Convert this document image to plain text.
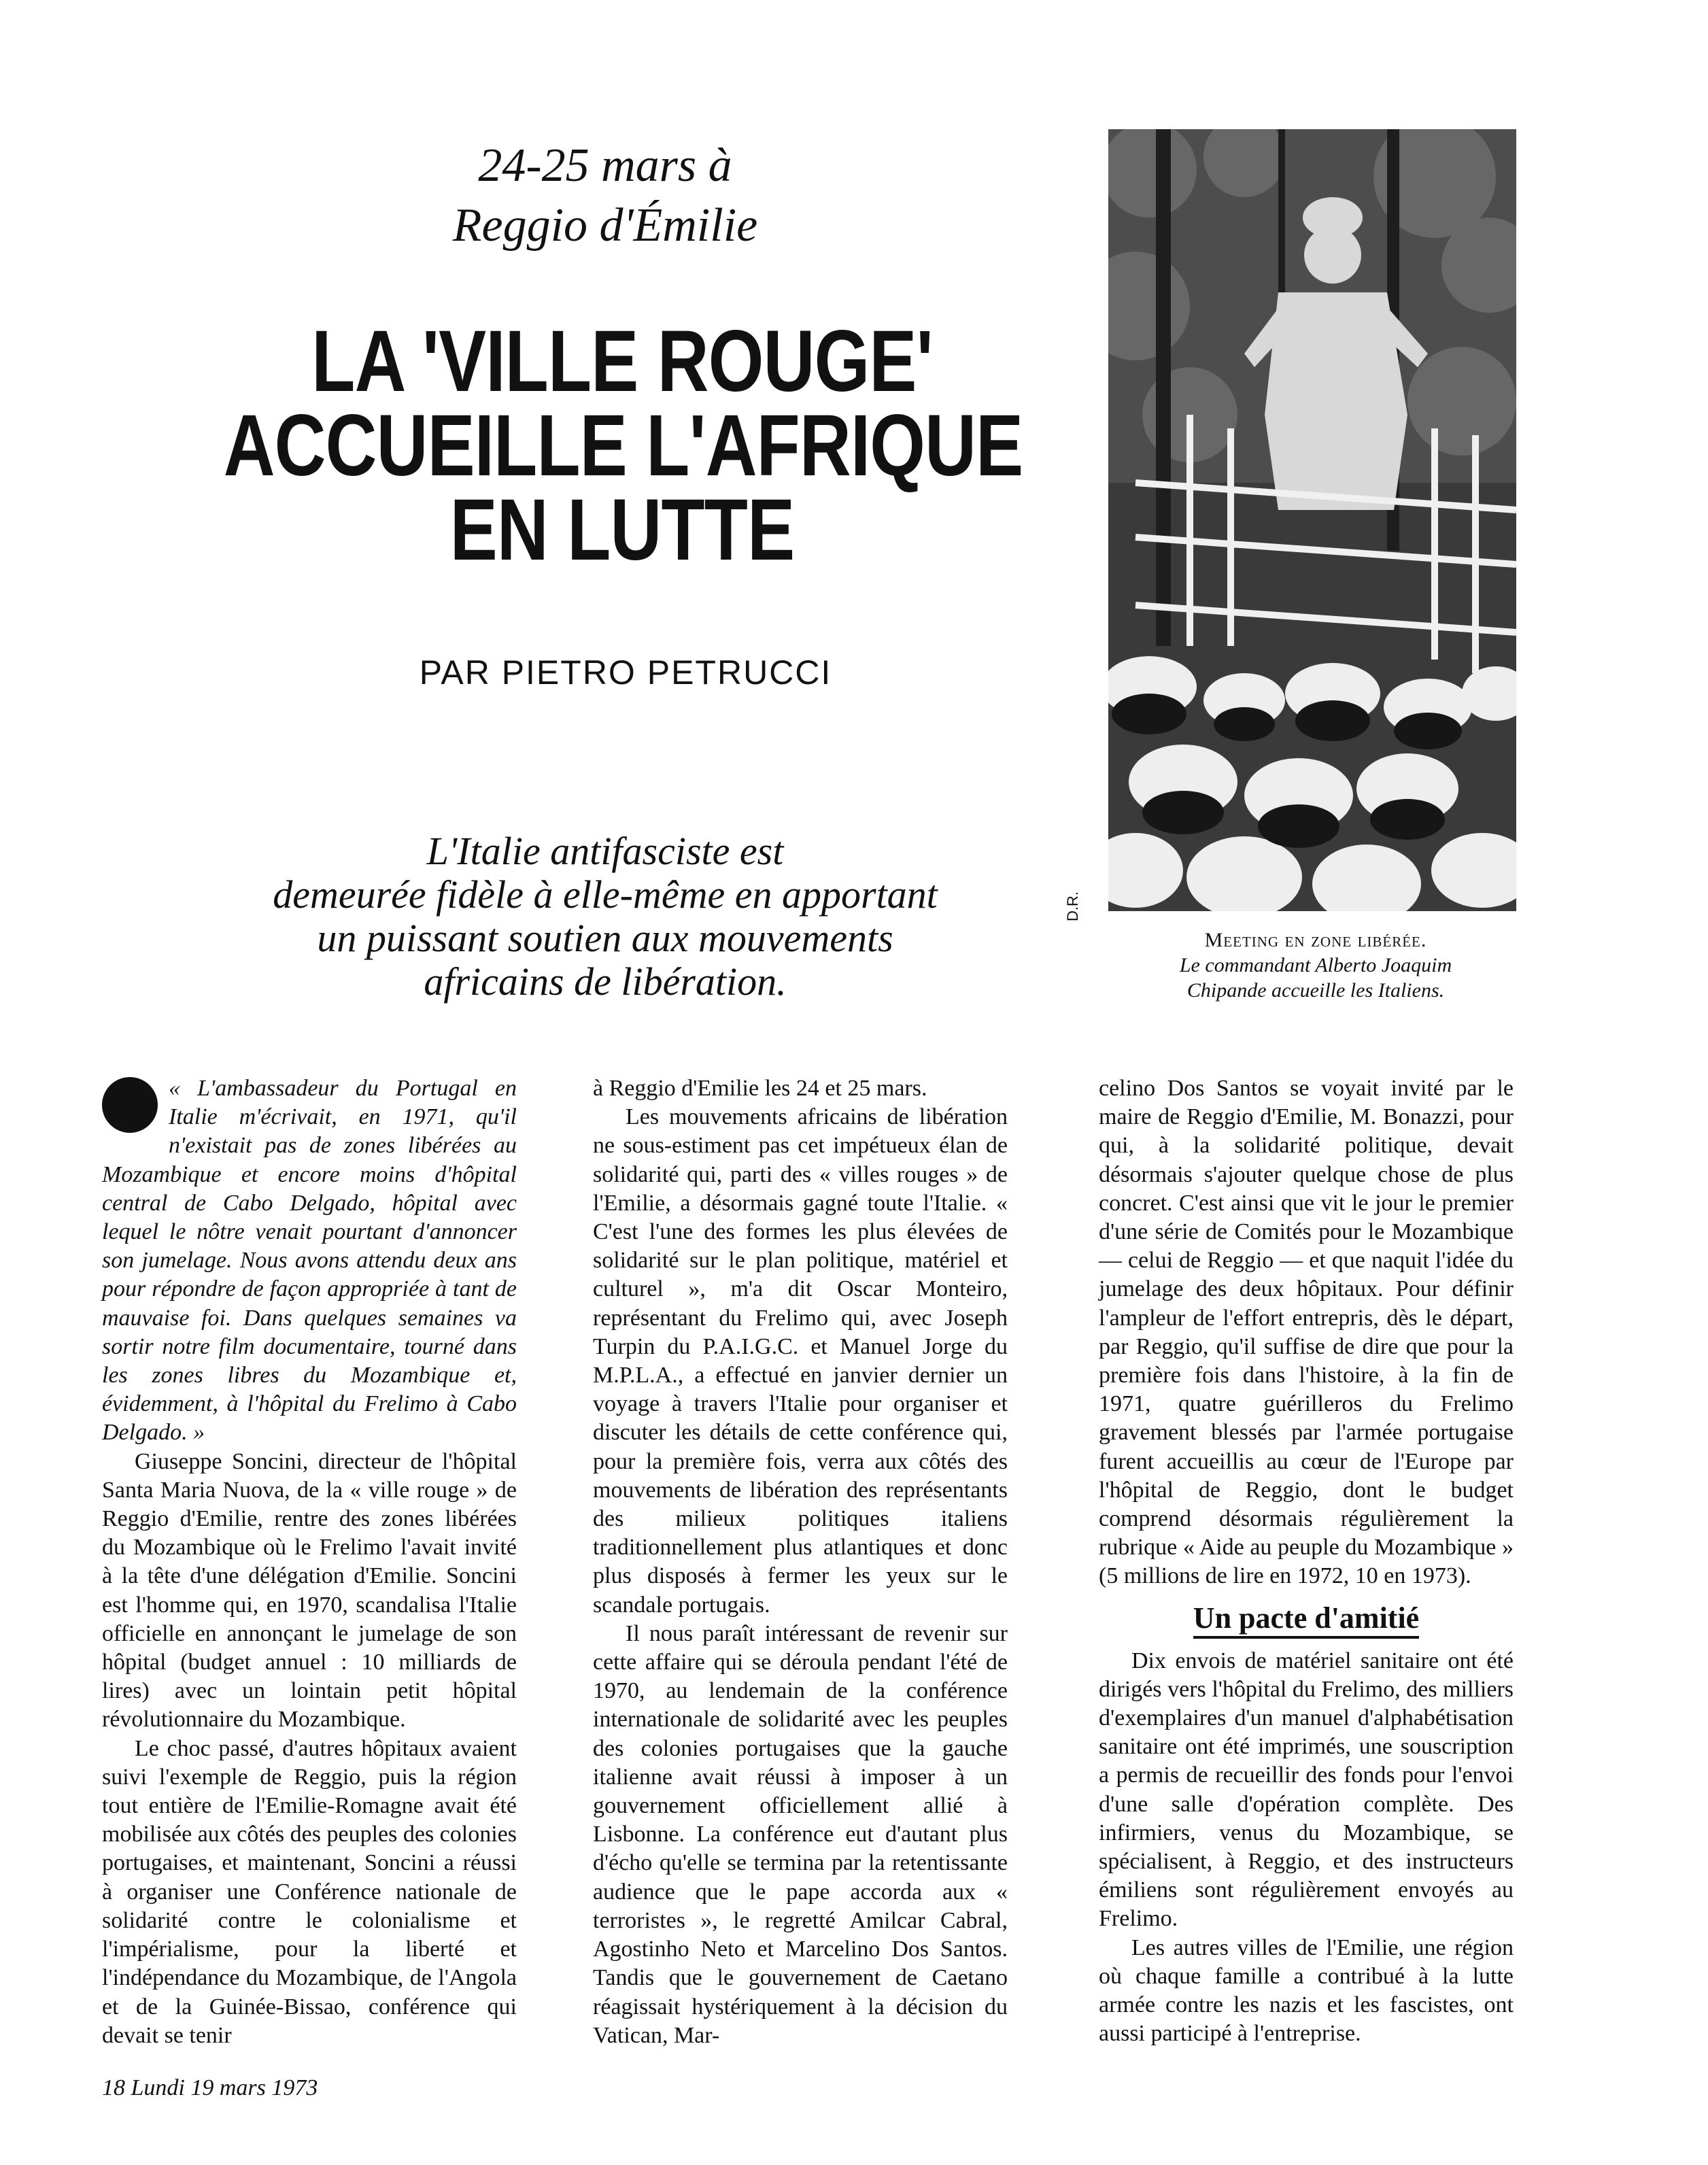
24-25 mars à
Reggio d'Émilie
LA 'VILLE ROUGE'
ACCUEILLE L'AFRIQUE
EN LUTTE
PAR PIETRO PETRUCCI
L'Italie antifasciste est
demeurée fidèle à elle-même en apportant
un puissant soutien aux mouvements
africains de libération.
D.R.
Meeting en zone libérée.
Le commandant Alberto Joaquim
Chipande accueille les Italiens.

« L'ambassadeur du Portugal en Italie m'écrivait, en 1971, qu'il n'existait pas de zones libérées au Mozambique et encore moins d'hôpital central de Cabo Delgado, hôpital avec lequel le nôtre venait pourtant d'annoncer son jumelage. Nous avons attendu deux ans pour répondre de façon appropriée à tant de mauvaise foi. Dans quelques semaines va sortir notre film documentaire, tourné dans les zones libres du Mozambique et, évidemment, à l'hôpital du Frelimo à Cabo Delgado. »

Giuseppe Soncini, directeur de l'hôpital Santa Maria Nuova, de la « ville rouge » de Reggio d'Emilie, rentre des zones libérées du Mozambique où le Frelimo l'avait invité à la tête d'une délégation d'Emilie. Soncini est l'homme qui, en 1970, scandalisa l'Italie officielle en annonçant le jumelage de son hôpital (budget annuel : 10 milliards de lires) avec un lointain petit hôpital révolutionnaire du Mozambique.

Le choc passé, d'autres hôpitaux avaient suivi l'exemple de Reggio, puis la région tout entière de l'Emilie-Romagne avait été mobilisée aux côtés des peuples des colonies portugaises, et maintenant, Soncini a réussi à organiser une Conférence nationale de solidarité contre le colonialisme et l'impérialisme, pour la liberté et l'indépendance du Mozambique, de l'Angola et de la Guinée-Bissao, conférence qui devait se tenir

à Reggio d'Emilie les 24 et 25 mars.

Les mouvements africains de libération ne sous-estiment pas cet impétueux élan de solidarité qui, parti des « villes rouges » de l'Emilie, a désormais gagné toute l'Italie. « C'est l'une des formes les plus élevées de solidarité sur le plan politique, matériel et culturel », m'a dit Oscar Monteiro, représentant du Frelimo qui, avec Joseph Turpin du P.A.I.G.C. et Manuel Jorge du M.P.L.A., a effectué en janvier dernier un voyage à travers l'Italie pour organiser et discuter les détails de cette conférence qui, pour la première fois, verra aux côtés des mouvements de libération des représentants des milieux politiques italiens traditionnellement plus atlantiques et donc plus disposés à fermer les yeux sur le scandale portugais.

Il nous paraît intéressant de revenir sur cette affaire qui se déroula pendant l'été de 1970, au lendemain de la conférence internationale de solidarité avec les peuples des colonies portugaises que la gauche italienne avait réussi à imposer à un gouvernement officiellement allié à Lisbonne. La conférence eut d'autant plus d'écho qu'elle se termina par la retentissante audience que le pape accorda aux « terroristes », le regretté Amilcar Cabral, Agostinho Neto et Marcelino Dos Santos. Tandis que le gouvernement de Caetano réagissait hystériquement à la décision du Vatican, Mar-

celino Dos Santos se voyait invité par le maire de Reggio d'Emilie, M. Bonazzi, pour qui, à la solidarité politique, devait désormais s'ajouter quelque chose de plus concret. C'est ainsi que vit le jour le premier d'une série de Comités pour le Mozambique — celui de Reggio — et que naquit l'idée du jumelage des deux hôpitaux. Pour définir l'ampleur de l'effort entrepris, dès le départ, par Reggio, qu'il suffise de dire que pour la première fois dans l'histoire, à la fin de 1971, quatre guérilleros du Frelimo gravement blessés par l'armée portugaise furent accueillis au cœur de l'Europe par l'hôpital de Reggio, dont le budget comprend désormais régulièrement la rubrique « Aide au peuple du Mozambique » (5 millions de lire en 1972, 10 en 1973).

Un pacte d'amitié

Dix envois de matériel sanitaire ont été dirigés vers l'hôpital du Frelimo, des milliers d'exemplaires d'un manuel d'alphabétisation sanitaire ont été imprimés, une souscription a permis de recueillir des fonds pour l'envoi d'une salle d'opération complète. Des infirmiers, venus du Mozambique, se spécialisent, à Reggio, et des instructeurs émiliens sont régulièrement envoyés au Frelimo.

Les autres villes de l'Emilie, une région où chaque famille a contribué à la lutte armée contre les nazis et les fascistes, ont aussi participé à l'entreprise.

18 Lundi 19 mars 1973
